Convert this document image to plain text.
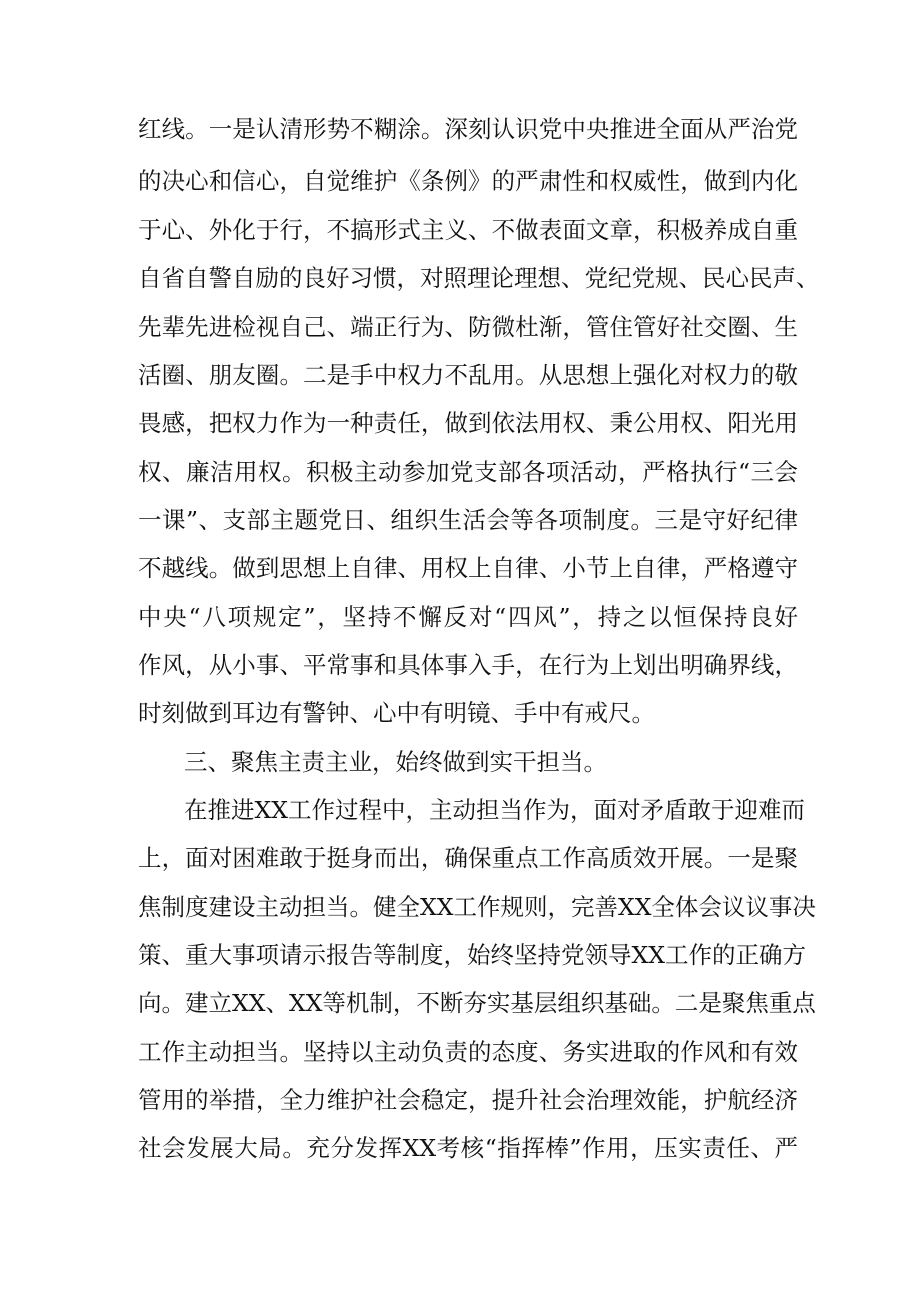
红线。一是认清形势不糊涂。深刻认识党中央推进全面从严治党
的决心和信心，自觉维护《条例》的严肃性和权威性，做到内化
于心、外化于行，不搞形式主义、不做表面文章，积极养成自重
自省自警自励的良好习惯，对照理论理想、党纪党规、民心民声、
先辈先进检视自己、端正行为、防微杜渐，管住管好社交圈、生
活圈、朋友圈。二是手中权力不乱用。从思想上强化对权力的敬
畏感，把权力作为一种责任，做到依法用权、秉公用权、阳光用
权、廉洁用权。积极主动参加党支部各项活动，严格执行“三会
一课”、支部主题党日、组织生活会等各项制度。三是守好纪律
不越线。做到思想上自律、用权上自律、小节上自律，严格遵守
中央“八项规定”，坚持不懈反对“四风”，持之以恒保持良好
作风，从小事、平常事和具体事入手，在行为上划出明确界线，
时刻做到耳边有警钟、心中有明镜、手中有戒尺。
三、聚焦主责主业，始终做到实干担当。
在推进XX工作过程中，主动担当作为，面对矛盾敢于迎难而
上，面对困难敢于挺身而出，确保重点工作高质效开展。一是聚
焦制度建设主动担当。健全XX工作规则，完善XX全体会议议事决
策、重大事项请示报告等制度，始终坚持党领导XX工作的正确方
向。建立XX、XX等机制，不断夯实基层组织基础。二是聚焦重点
工作主动担当。坚持以主动负责的态度、务实进取的作风和有效
管用的举措，全力维护社会稳定，提升社会治理效能，护航经济
社会发展大局。充分发挥XX考核“指挥棒”作用，压实责任、严
